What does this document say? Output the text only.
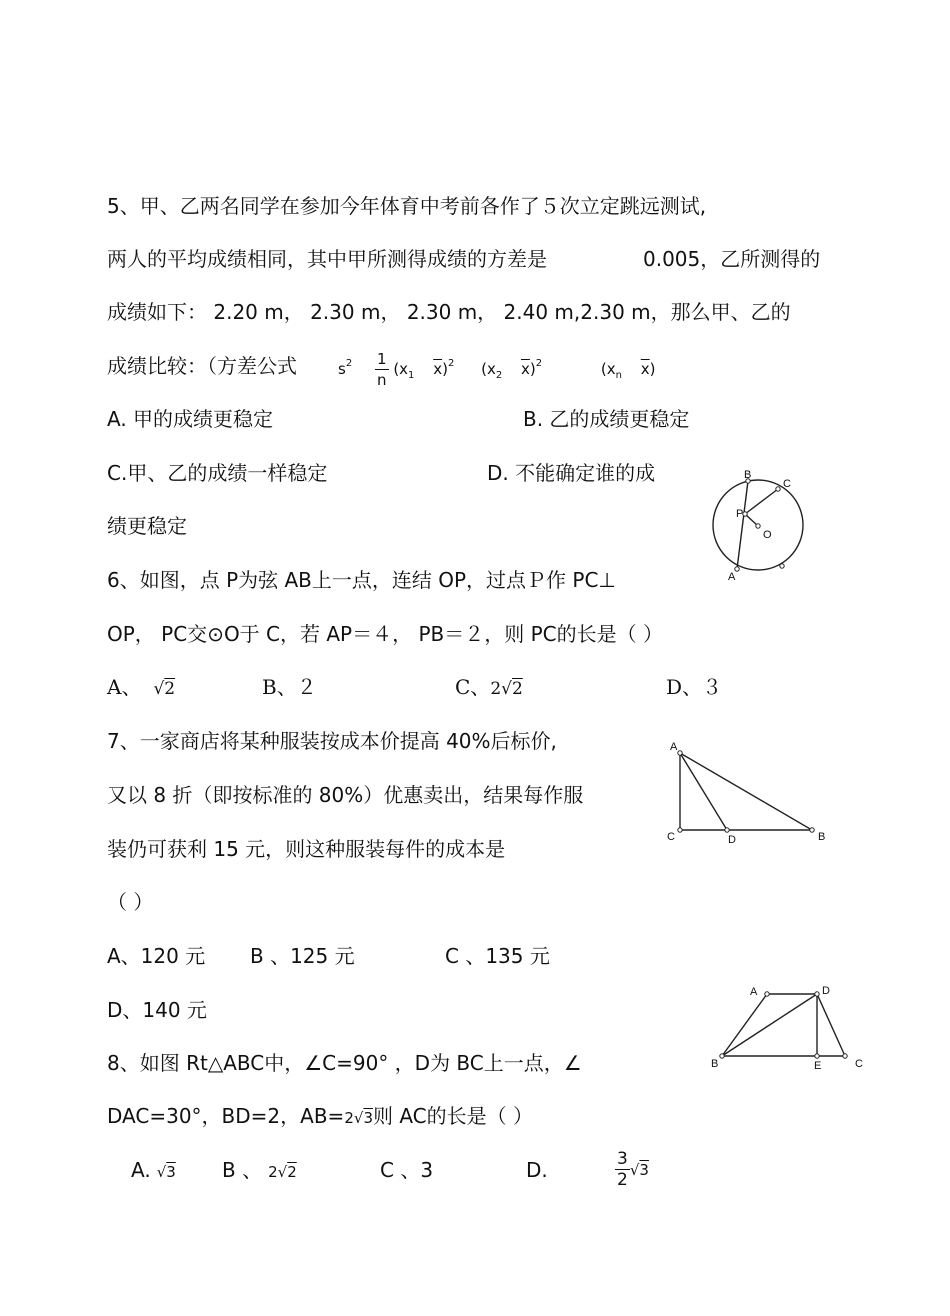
5、甲、乙两名同学在参加今年体育中考前各作了５次立定跳远测试,
两人的平均成绩相同，其中甲所测得成绩的方差是	0.005，乙所测得的
成绩如下： 2.20 m， 2.30 m， 2.30 m， 2.40 m,2.30 m，那么甲、乙的
成绩比较：（方差公式	$s^2 \frac{1}{n} (x_1$ $\overline{x})^2$ ($x_2$ $\overline{x})^2$	($x_n$ $\overline{x}$)
A. 甲的成绩更稳定	B. 乙的成绩更稳定
C.甲、乙的成绩一样稳定	D. 不能确定谁的成
绩更稳定
B
C
P
O
A
6、如图，点 P为弦 AB上一点，连结 OP，过点Ｐ作 PC⊥
OP， PC交⊙O于 C，若 AP＝４， PB＝２，则 PC的长是（ ）
A、 √2	B、２	C、2√2	D、３
7、一家商店将某种服装按成本价提高 40%后标价,
又以 8 折（即按标准的 80%）优惠卖出，结果每作服
装仍可获利 15 元，则这种服装每件的成本是
（ ）
A、120 元 B 、125 元	C 、135 元
D、140 元
A
C	D	B
A	D
B	E	C
8、如图 Rt△ABC中，∠C=90° ，D为 BC上一点，∠
DAC=30°，BD=2，AB=2√3则 AC的长是（ ）
A. √3 B 、 2√2	C 、3	D.	$\frac{3}{2} √3$
